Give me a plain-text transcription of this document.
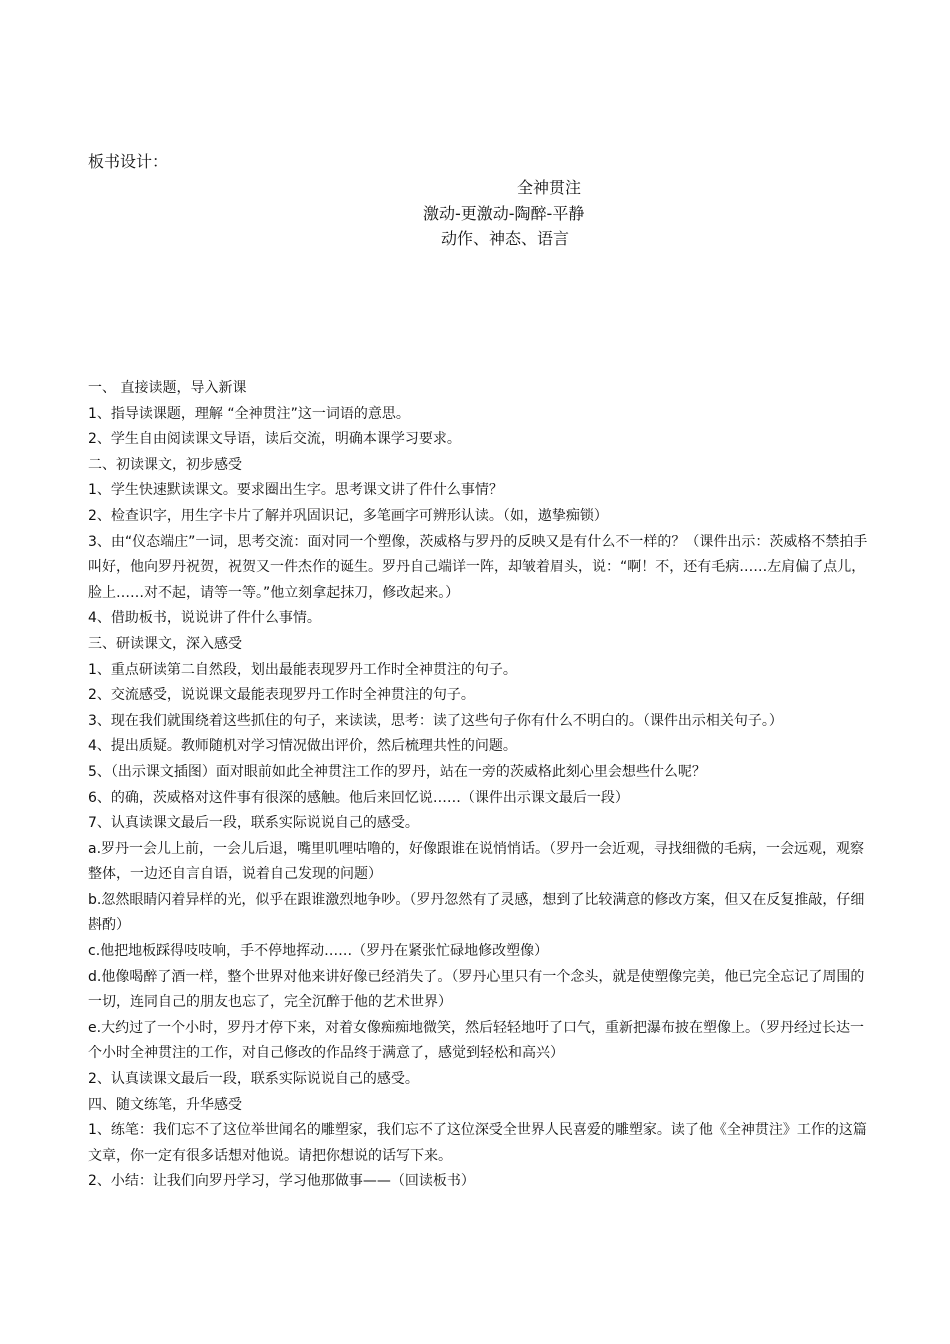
板书设计：
全神贯注
激动-更激动-陶醉-平静
动作、神态、语言

一、 直接读题，导入新课

1、指导读课题，理解 “全神贯注”这一词语的意思。

2、学生自由阅读课文导语，读后交流，明确本课学习要求。

二、初读课文，初步感受

1、学生快速默读课文。要求圈出生字。思考课文讲了件什么事情？

2、检查识字，用生字卡片了解并巩固识记，多笔画字可辨形认读。（如，遨挚痴锁）

3、由“仪态端庄”一词，思考交流：面对同一个塑像，茨威格与罗丹的反映又是有什么不一样的？（课件出示：茨威格不禁拍手叫好，他向罗丹祝贺，祝贺又一件杰作的诞生。罗丹自己端详一阵，却皱着眉头，说：“啊！不，还有毛病……左肩偏了点儿，脸上……对不起，请等一等。”他立刻拿起抹刀，修改起来。）

4、借助板书，说说讲了件什么事情。

三、研读课文，深入感受

1、重点研读第二自然段，划出最能表现罗丹工作时全神贯注的句子。

2、交流感受，说说课文最能表现罗丹工作时全神贯注的句子。

3、现在我们就围绕着这些抓住的句子，来读读，思考：读了这些句子你有什么不明白的。（课件出示相关句子。）

4、提出质疑。教师随机对学习情况做出评价，然后梳理共性的问题。

5、（出示课文插图）面对眼前如此全神贯注工作的罗丹，站在一旁的茨威格此刻心里会想些什么呢？

6、的确，茨威格对这件事有很深的感触。他后来回忆说……（课件出示课文最后一段）

7、认真读课文最后一段，联系实际说说自己的感受。

a.罗丹一会儿上前，一会儿后退，嘴里叽哩咕噜的，好像跟谁在说悄悄话。（罗丹一会近观，寻找细微的毛病，一会远观，观察整体，一边还自言自语，说着自己发现的问题）

b.忽然眼睛闪着异样的光，似乎在跟谁激烈地争吵。（罗丹忽然有了灵感，想到了比较满意的修改方案，但又在反复推敲，仔细斟酌）

c.他把地板踩得吱吱响，手不停地挥动……（罗丹在紧张忙碌地修改塑像）

d.他像喝醉了酒一样，整个世界对他来讲好像已经消失了。（罗丹心里只有一个念头，就是使塑像完美，他已完全忘记了周围的一切，连同自己的朋友也忘了，完全沉醉于他的艺术世界）

e.大约过了一个小时，罗丹才停下来，对着女像痴痴地微笑，然后轻轻地吁了口气，重新把瀑布披在塑像上。（罗丹经过长达一个小时全神贯注的工作，对自己修改的作品终于满意了，感觉到轻松和高兴）

2、认真读课文最后一段，联系实际说说自己的感受。

四、随文练笔，升华感受

1、练笔：我们忘不了这位举世闻名的雕塑家，我们忘不了这位深受全世界人民喜爱的雕塑家。读了他《全神贯注》工作的这篇文章，你一定有很多话想对他说。请把你想说的话写下来。

2、小结：让我们向罗丹学习，学习他那做事——（回读板书）
